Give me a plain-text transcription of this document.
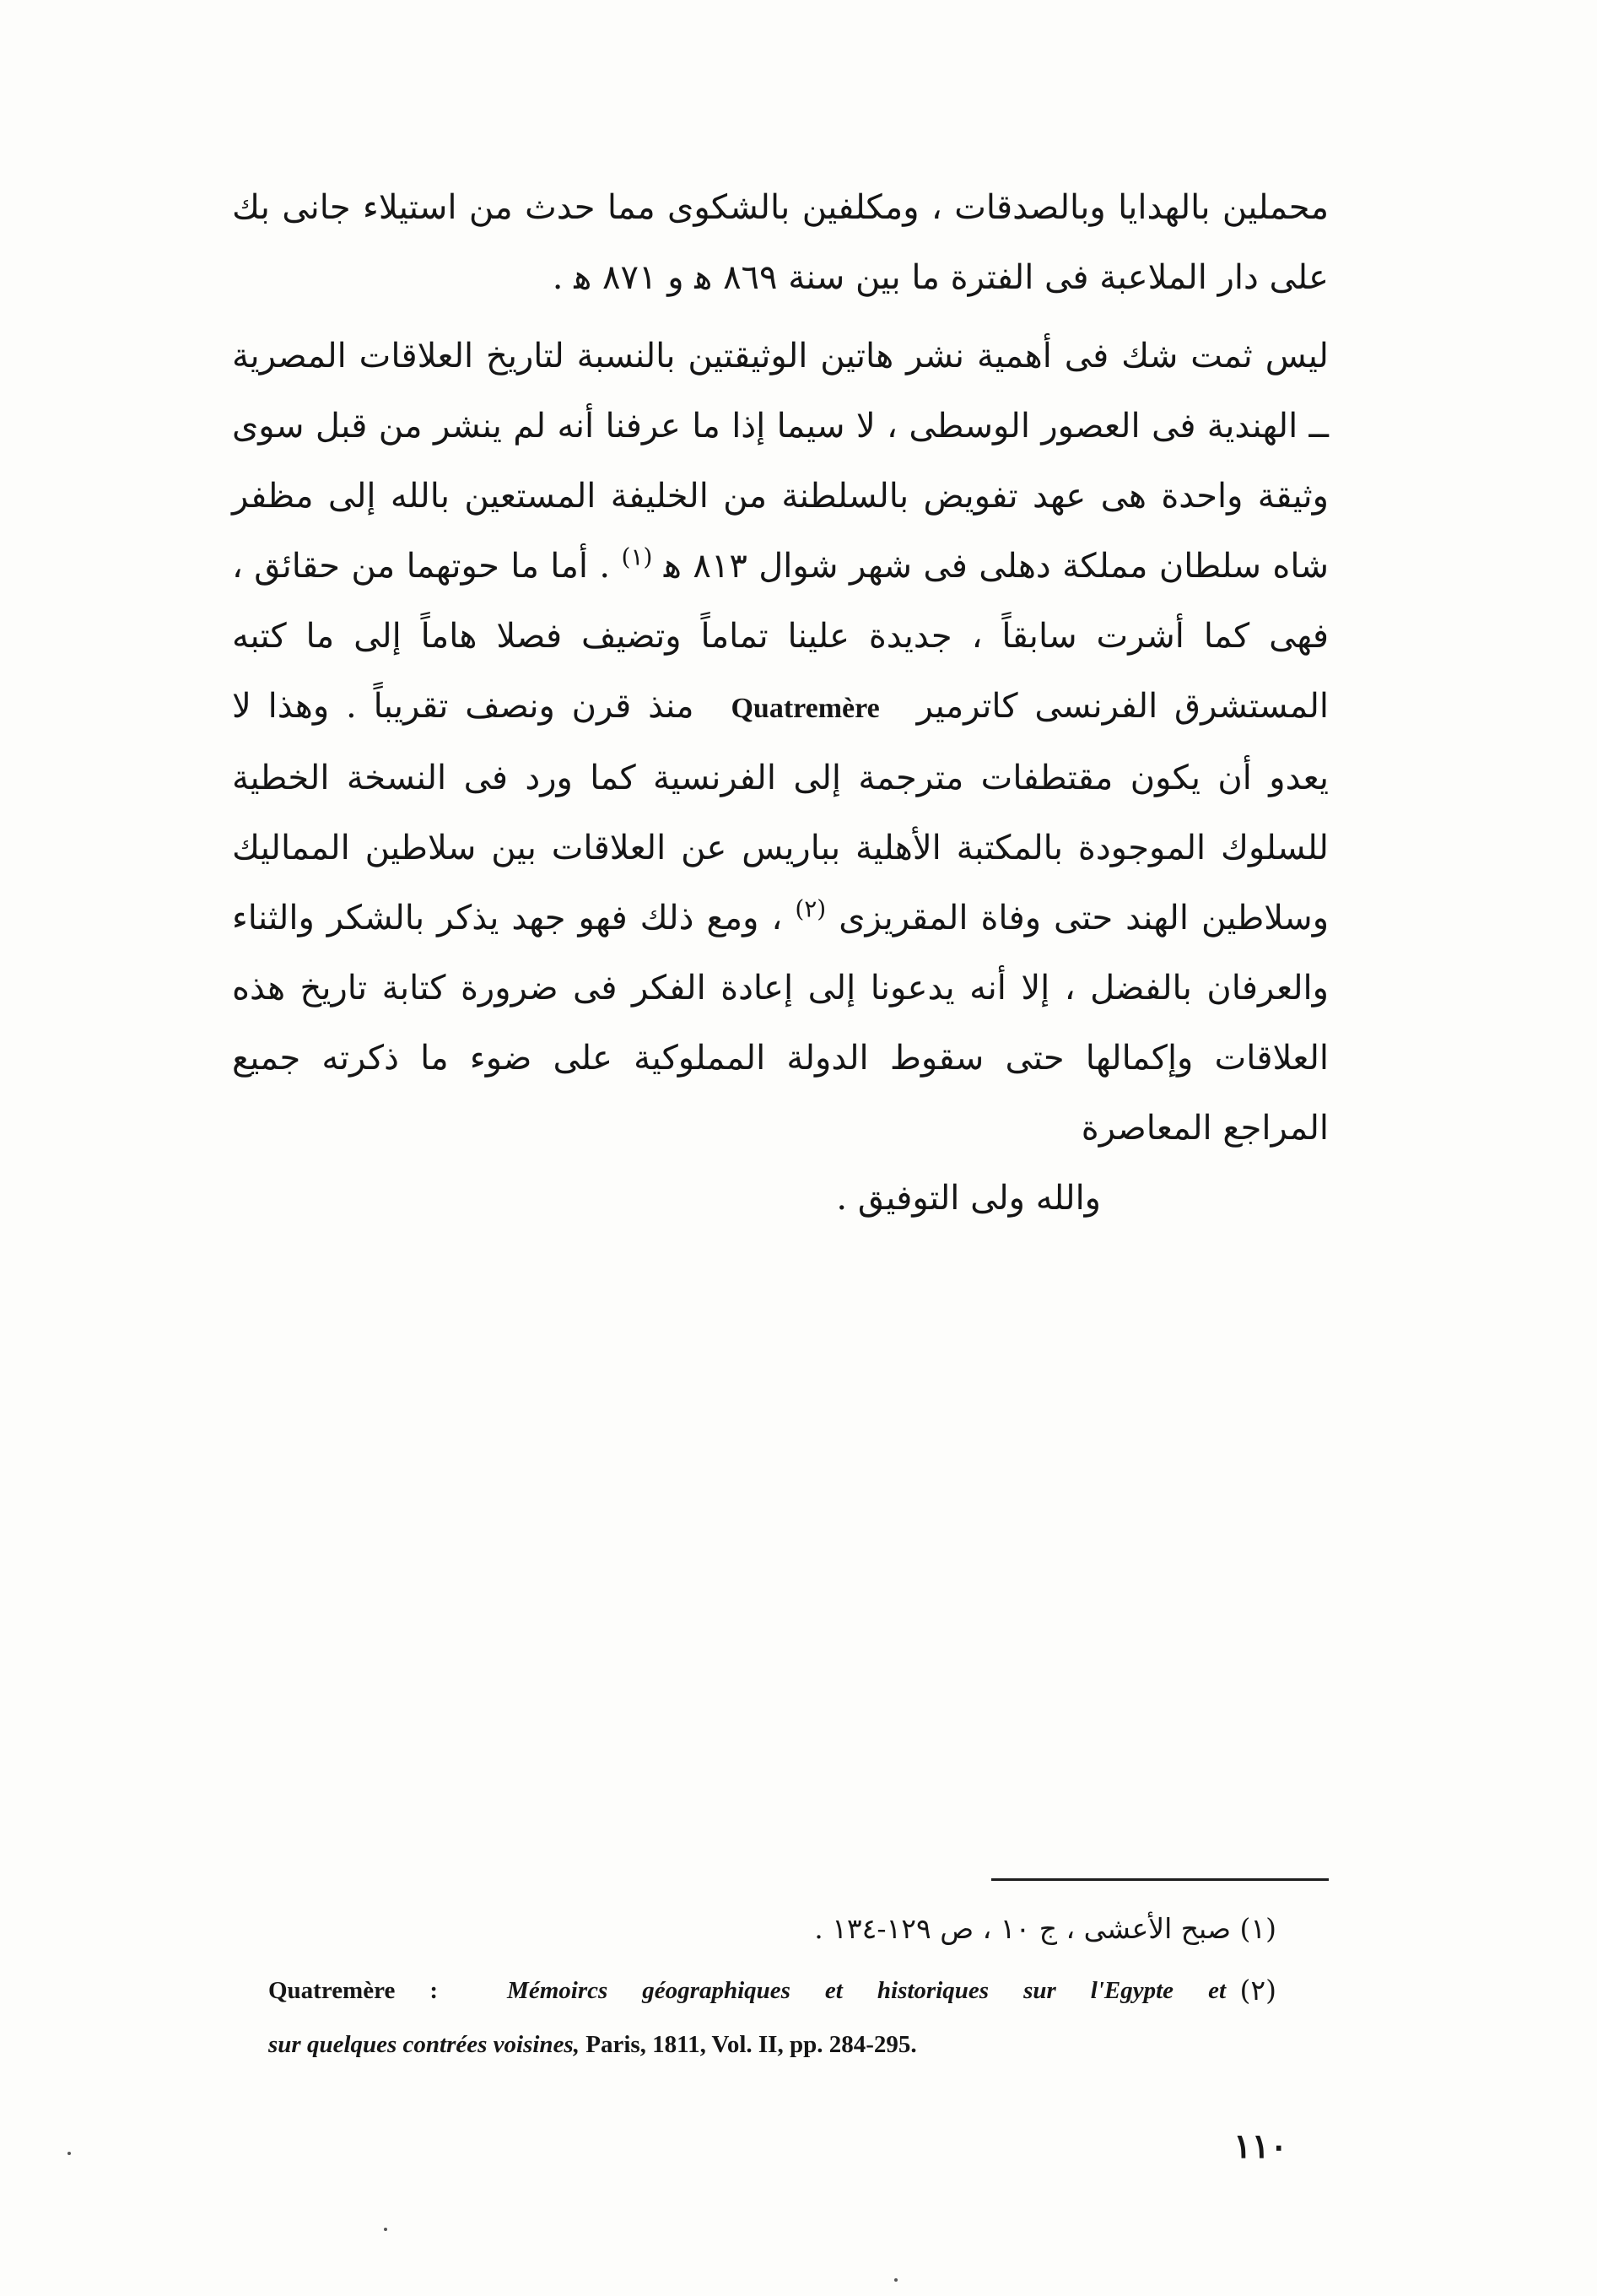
محملين بالهدايا وبالصدقات ، ومكلفين بالشكوى مما حدث من استيلاء جانى بك على دار الملاعبة فى الفترة ما بين سنة ٨٦٩ ﻫ و ٨٧١ ﻫ .

ليس ثمت شك فى أهمية نشر هاتين الوثيقتين بالنسبة لتاريخ العلاقات المصرية ــ الهندية فى العصور الوسطى ، لا سيما إذا ما عرفنا أنه لم ينشر من قبل سوى وثيقة واحدة هى عهد تفويض بالسلطنة من الخليفة المستعين بالله إلى مظفر شاه سلطان مملكة دهلى فى شهر شوال ٨١٣ ﻫ $^{(١)}$ . أما ما حوتهما من حقائق ، فهى كما أشرت سابقاً ، جديدة علينا تماماً وتضيف فصلا هاماً إلى ما كتبه المستشرق الفرنسى كاترمير Quatremère منذ قرن ونصف تقريباً . وهذا لا يعدو أن يكون مقتطفات مترجمة إلى الفرنسية كما ورد فى النسخة الخطية للسلوك الموجودة بالمكتبة الأهلية بباريس عن العلاقات بين سلاطين المماليك وسلاطين الهند حتى وفاة المقريزى $^{(٢)}$ ، ومع ذلك فهو جهد يذكر بالشكر والثناء والعرفان بالفضل ، إلا أنه يدعونا إلى إعادة الفكر فى ضرورة كتابة تاريخ هذه العلاقات وإكمالها حتى سقوط الدولة المملوكية على ضوء ما ذكرته جميع المراجع المعاصرة

والله ولى التوفيق .

(١) صبح الأعشى ، ج ١٠ ، ص ١٢٩-١٣٤ .

(٢)
Quatremère :	Mémoircs géographiques et historiques sur l'Egypte et
sur quelques contrées voisines, Paris, 1811, Vol. II, pp. 284-295.
١١٠
